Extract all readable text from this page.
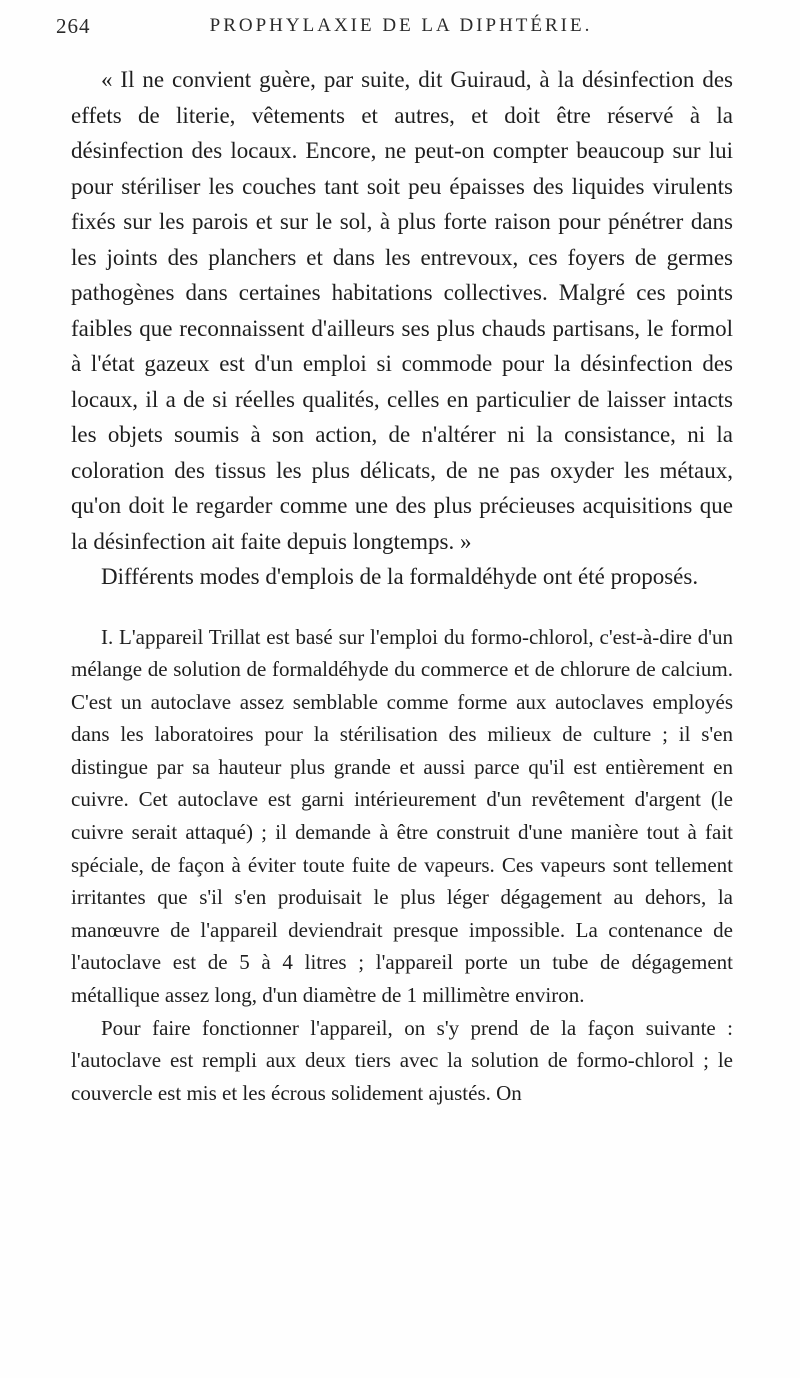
264	PROPHYLAXIE DE LA DIPHTÉRIE.

« Il ne convient guère, par suite, dit Guiraud, à la désinfection des effets de literie, vêtements et autres, et doit être réservé à la désinfection des locaux. Encore, ne peut-on compter beaucoup sur lui pour stériliser les couches tant soit peu épaisses des liquides virulents fixés sur les parois et sur le sol, à plus forte raison pour pénétrer dans les joints des planchers et dans les entrevoux, ces foyers de germes pathogènes dans certaines habitations collectives. Malgré ces points faibles que reconnaissent d'ailleurs ses plus chauds partisans, le formol à l'état gazeux est d'un emploi si commode pour la désinfection des locaux, il a de si réelles qualités, celles en particulier de laisser intacts les objets soumis à son action, de n'altérer ni la consistance, ni la coloration des tissus les plus délicats, de ne pas oxyder les métaux, qu'on doit le regarder comme une des plus précieuses acquisitions que la désinfection ait faite depuis longtemps. »

Différents modes d'emplois de la formaldéhyde ont été proposés.

I. L'appareil Trillat est basé sur l'emploi du formo-chlorol, c'est-à-dire d'un mélange de solution de formaldéhyde du commerce et de chlorure de calcium. C'est un autoclave assez semblable comme forme aux autoclaves employés dans les laboratoires pour la stérilisation des milieux de culture ; il s'en distingue par sa hauteur plus grande et aussi parce qu'il est entièrement en cuivre. Cet autoclave est garni intérieurement d'un revêtement d'argent (le cuivre serait attaqué) ; il demande à être construit d'une manière tout à fait spéciale, de façon à éviter toute fuite de vapeurs. Ces vapeurs sont tellement irritantes que s'il s'en produisait le plus léger dégagement au dehors, la manœuvre de l'appareil deviendrait presque impossible. La contenance de l'autoclave est de 5 à 4 litres ; l'appareil porte un tube de dégagement métallique assez long, d'un diamètre de 1 millimètre environ.

Pour faire fonctionner l'appareil, on s'y prend de la façon suivante : l'autoclave est rempli aux deux tiers avec la solution de formo-chlorol ; le couvercle est mis et les écrous solidement ajustés. On
